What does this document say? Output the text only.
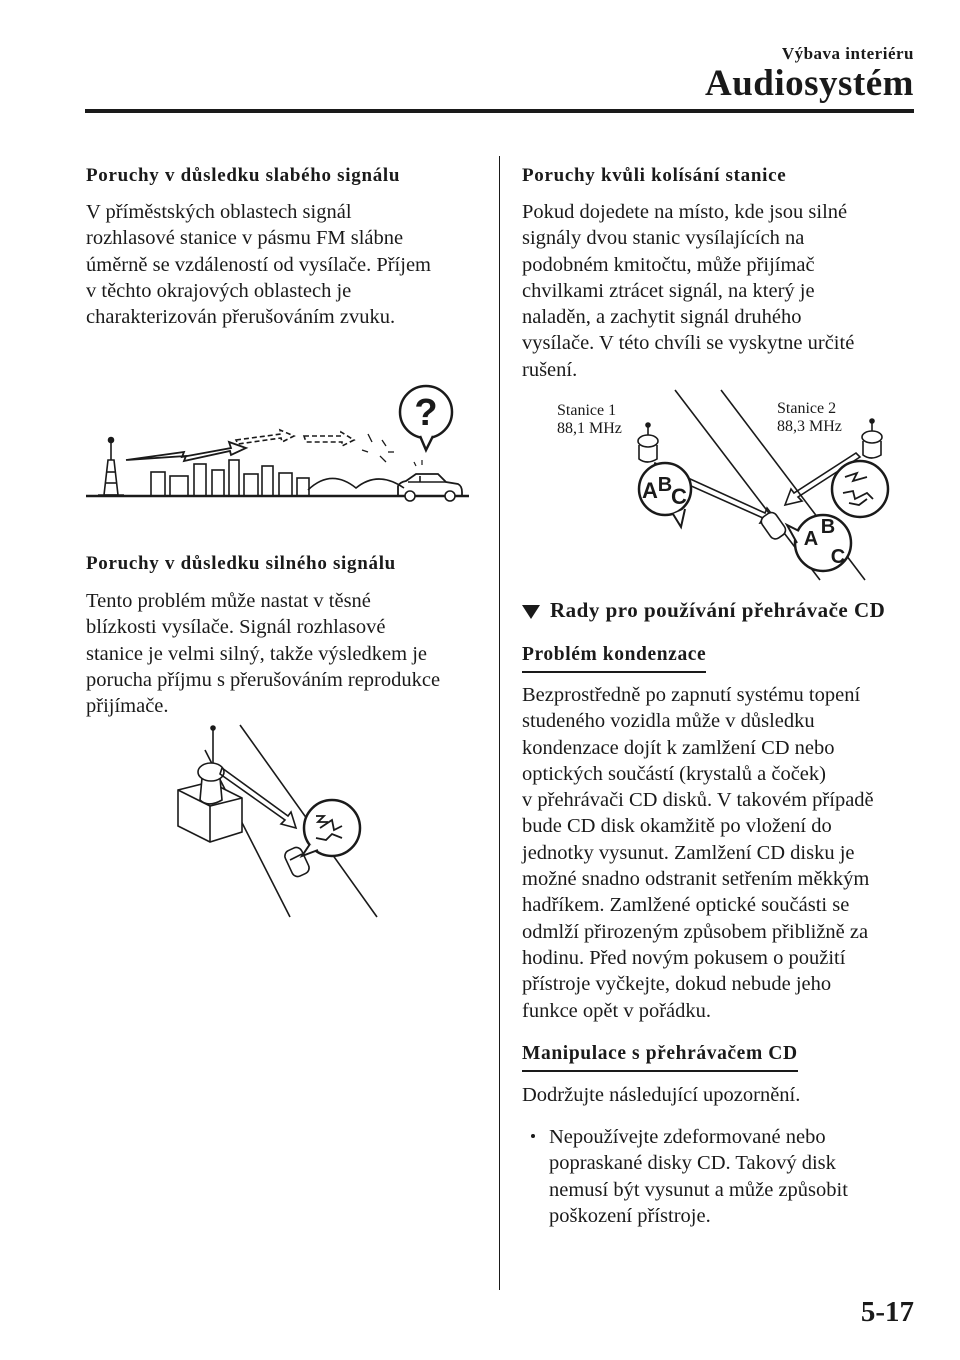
Výbava interiéru
Audiosystém
Poruchy v důsledku slabého signálu

V příměstských oblastech signál
rozhlasové stanice v pásmu FM slábne
úměrně se vzdáleností od vysílače. Příjem
v těchto okrajových oblastech je
charakterizován přerušováním zvuku.

?
Poruchy v důsledku silného signálu

Tento problém může nastat v těsné
blízkosti vysílače. Signál rozhlasové
stanice je velmi silný, takže výsledkem je
porucha příjmu s přerušováním reprodukce
přijímače.

Poruchy kvůli kolísání stanice

Pokud dojedete na místo, kde jsou silné
signály dvou stanic vysílajících na
podobném kmitočtu, může přijímač
chvilkami ztrácet signál, na který je
naladěn, a zachytit signál druhého
vysílače. V této chvíli se vyskytne určité
rušení.

A B
C
A
B
C
Stanice 1
88,1 MHz
Stanice 2
88,3 MHz
Rady pro používání přehrávače CD
Problém kondenzace

Bezprostředně po zapnutí systému topení
studeného vozidla může v důsledku
kondenzace dojít k zamlžení CD nebo
optických součástí (krystalů a čoček)
v přehrávači CD disků. V takovém případě
bude CD disk okamžitě po vložení do
jednotky vysunut. Zamlžení CD disku je
možné snadno odstranit setřením měkkým
hadříkem. Zamlžené optické součásti se
odmlží přirozeným způsobem přibližně za
hodinu. Před novým pokusem o použití
přístroje vyčkejte, dokud nebude jeho
funkce opět v pořádku.

Manipulace s přehrávačem CD

Dodržujte následující upozornění.

Nepoužívejte zdeformované nebo
popraskané disky CD. Takový disk
nemusí být vysunut a může způsobit
poškození přístroje.
5-17
